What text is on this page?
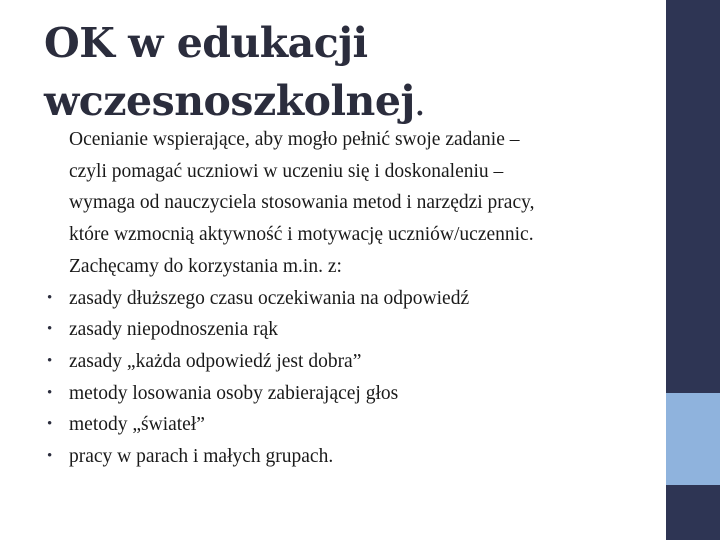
OK w edukacji
wczesnoszkolnej.

Ocenianie wspierające, aby mogło pełnić swoje zadanie –
czyli pomagać uczniowi w uczeniu się i doskonaleniu –
wymaga od nauczyciela stosowania metod i narzędzi pracy,
które wzmocnią aktywność i motywację uczniów/uczennic.
Zachęcamy do korzystania m.in. z:

• zasady dłuższego czasu oczekiwania na odpowiedź
• zasady niepodnoszenia rąk
• zasady „każda odpowiedź jest dobra”
• metody losowania osoby zabierającej głos
• metody „świateł”
• pracy w parach i małych grupach.
